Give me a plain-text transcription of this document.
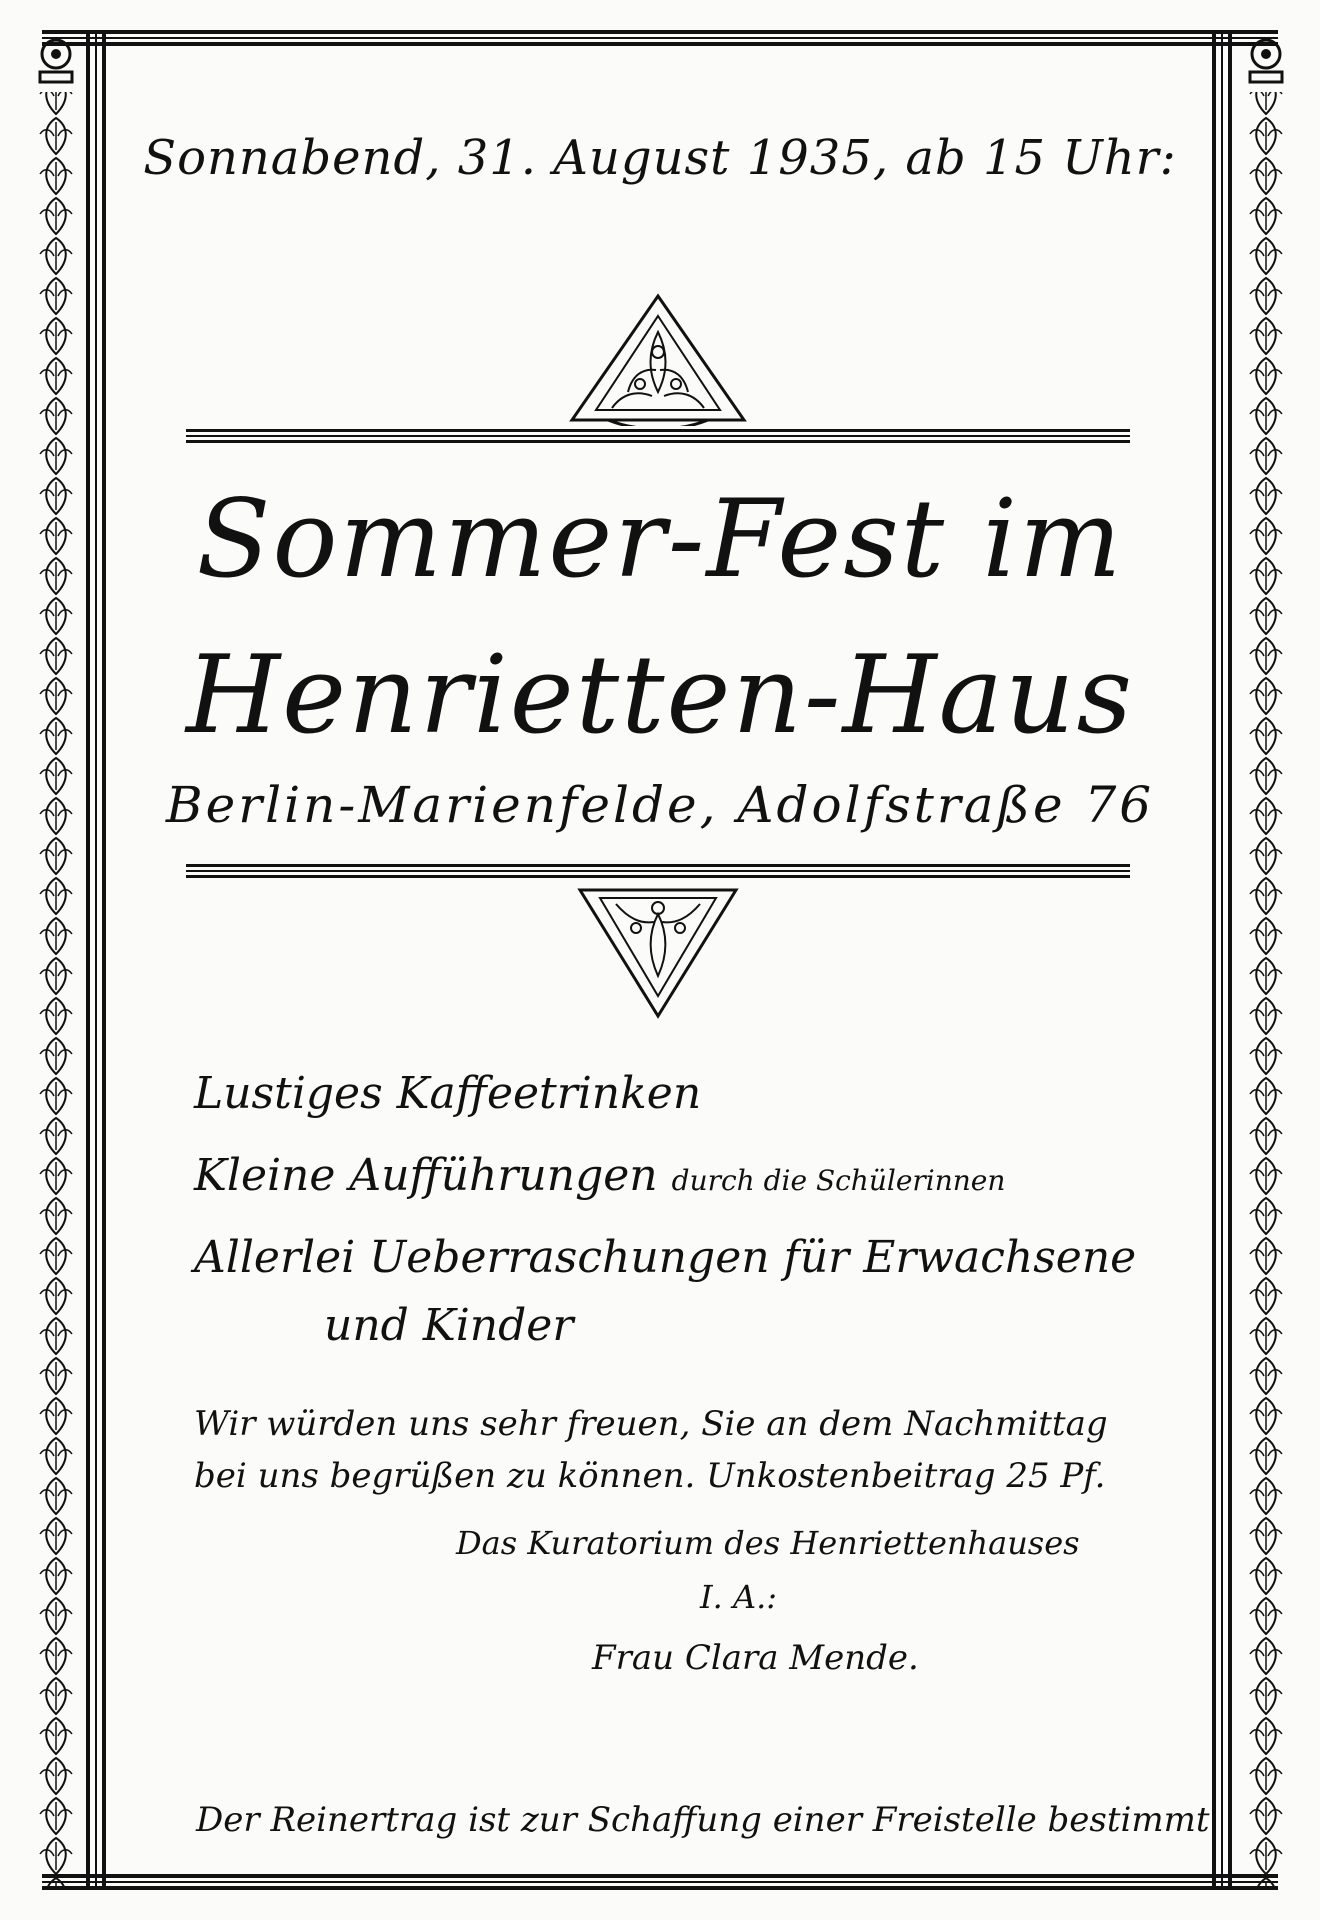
Sonnabend, 31. August 1935, ab 15 Uhr:
Sommer-Fest im
Henrietten-Haus
Berlin-Marienfelde, Adolfstraße 76
Lustiges Kaffeetrinken
Kleine Aufführungen durch die Schülerinnen
Allerlei Ueberraschungen für Erwachsene
und Kinder
Wir würden uns sehr freuen, Sie an dem Nachmittag
bei uns begrüßen zu können. Unkostenbeitrag 25 Pf.
Das Kuratorium des Henriettenhauses
I. A.:
Frau Clara Mende.
Der Reinertrag ist zur Schaffung einer Freistelle bestimmt
